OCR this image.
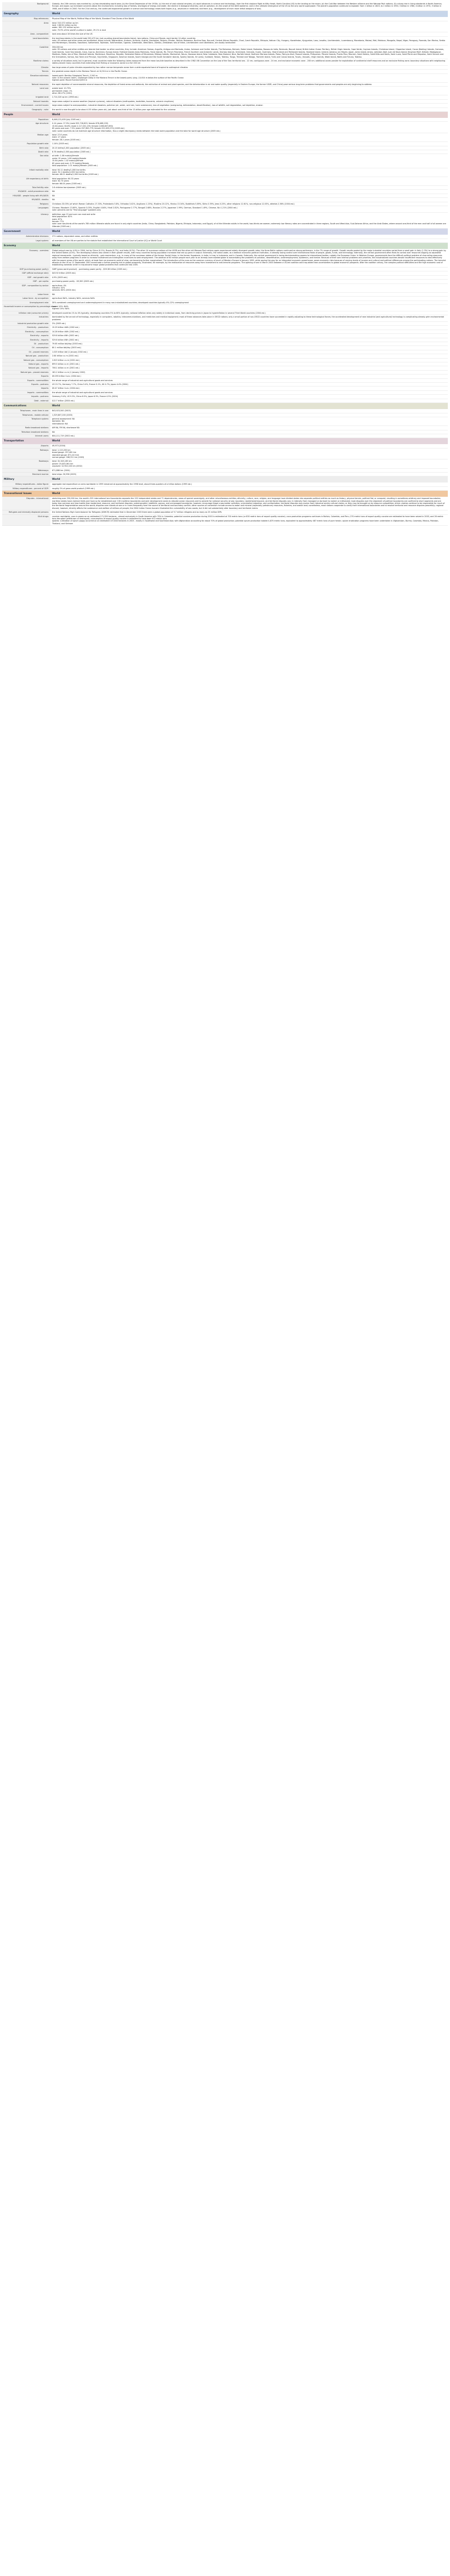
Background:	Globally, the 20th century was marked by: (a) two devastating world wars; (b) the Great Depression of the 1930s; (c) the end of vast colonial empires; (d) rapid advances in science and technology, from the first airplane flight at Kitty Hawk, North Carolina (US) to the landing on the moon; (e) the Cold War between the Western alliance and the Warsaw Pact nations; (f) a sharp rise in living standards in North America, Europe, and Japan; (g) increased concerns about the environment, including loss of forests, shortages of energy and water, the decline in biological diversity, and air pollution; (h) the onset of the AIDS epidemic; and (i) the ultimate emergence of the US as the only world superpower. The planet's population continues to explode: from 1 billion in 1820, to 2 billion in 1930, 3 billion in 1960, 4 billion in 1974, 5 billion in 1988, and 6 billion in 2000. For the 21st century, the continued exponential growth in science and technology raises both hopes (e.g., advances in medicine) and fears (e.g., development of even more lethal weapons of war).
Geography	World
Map references:	Physical Map of the World, Political Map of the World, Standard Time Zones of the World
Area:	total: 510.072 million sq km
land: 148.94 million sq km
water: 361.132 million sq km
note: 70.9% of the world's surface is water, 29.1% is land
Area - comparative:	land area about 16 times the size of the US
Land boundaries:	the land boundaries in the world total 250,472 km (not counting shared boundaries twice); two nations, China and Russia, each border 14 other countries
note: 43 nations and other areas are landlocked, these include: Afghanistan, Andorra, Armenia, Austria, Azerbaijan, Belarus, Bhutan, Bolivia, Botswana, Burkina Faso, Burundi, Central African Republic, Chad, Czech Republic, Ethiopia, Vatican City, Hungary, Kazakhstan, Kyrgyzstan, Laos, Lesotho, Liechtenstein, Luxembourg, Macedonia, Malawi, Mali, Moldova, Mongolia, Nepal, Niger, Paraguay, Rwanda, San Marino, Serbia and Montenegro, Slovakia, Swaziland, Switzerland, Tajikistan, Turkmenistan, Uganda, Uzbekistan, West Bank, Zambia, Zimbabwe; two of these, Liechtenstein and Uzbekistan, are doubly landlocked
Coastline:	356,000 km
note: 95 nations and other entities are islands that border no other countries, they include: American Samoa, Anguilla, Antigua and Barbuda, Aruba, Ashmore and Cartier Islands, The Bahamas, Bahrain, Baker Island, Barbados, Bassas da India, Bermuda, Bouvet Island, British Indian Ocean Territory, British Virgin Islands, Cape Verde, Cayman Islands, Christmas Island, Clipperton Island, Cocos (Keeling) Islands, Comoros, Cook Islands, Coral Sea Islands, Cuba, Cyprus, Dominica, Europa Island, Falkland Islands (Islas Malvinas), Faroe Islands, Fiji, French Polynesia, French Southern and Antarctic Lands, Glorioso Islands, Greenland, Grenada, Guam, Guernsey, Heard Island and McDonald Islands, Howland Island, Iceland, Jamaica, Jan Mayen, Japan, Jarvis Island, Jersey, Johnston Atoll, Juan de Nova Island, Kingman Reef, Kiribati, Madagascar, Maldives, Malta, Isle of Man, Marshall Islands, Martinique, Mauritius, Mayotte, Federated States of Micronesia, Midway Islands, Montserrat, Nauru, Navassa Island, New Caledonia, New Zealand, Niue, Norfolk Island, Northern Mariana Islands, Palau, Palmyra Atoll, Paracel Islands, Philippines, Pitcairn Islands, Puerto Rico, Reunion, Saint Helena, Saint Kitts and Nevis, Saint Lucia, Saint Pierre and Miquelon, Saint Vincent and the Grenadines, Samoa, Sao Tome and Principe, Seychelles, Singapore, Solomon Islands, South Georgia and the South Sandwich Islands, Spratly Islands, Sri Lanka, Svalbard, Taiwan, Tokelau, Tonga, Trinidad and Tobago, Tromelin Island, Turks and Caicos Islands, Tuvalu, Vanuatu, Virgin Islands, Wake Island, Wallis and Futuna, Tokelau
Maritime claims:	a variety of situations exist, but in general, most countries make the following claims measured from the mean low-tide baseline as described in the 1982 UN Convention on the Law of the Sea: territorial sea - 12 nm, contiguous zone - 24 nm, and exclusive economic zone - 200 nm; additional zones provide for exploitation of continental shelf resources and an exclusive fishing zone; boundary situations with neighboring states prevent many countries from extending their fishing or economic zones to a full 200 nm
Climate:	two large areas of polar climates separated by two rather narrow temperate zones form a wide equatorial band of tropical to subtropical climates
Terrain:	the greatest ocean depth is the Mariana Trench at 10,924 m in the Pacific Ocean
Elevation extremes:	lowest point: Bentley Subglacial Trench -2,540 m
note: in the oceanic realm, Challenger Deep in the Mariana Trench is the lowest point, lying -10,924 m below the surface of the Pacific Ocean
highest point: Mount Everest 8,850 m
Natural resources:	the rapid depletion of nonrenewable mineral resources, the depletion of forest areas and wetlands, the extinction of animal and plant species, and the deterioration in air and water quality (especially in Eastern Europe, the former USSR, and China) pose serious long-term problems that governments and peoples are only beginning to address
Land use:	arable land: 10.73%
permanent crops: 1%
other: 88.27% (2001)
Irrigated land:	2,714,320 sq km (1998 est.)
Natural hazards:	large areas subject to severe weather (tropical cyclones), natural disasters (earthquakes, landslides, tsunamis, volcanic eruptions)
Environment - current issues:	large areas subject to overpopulation, industrial disasters, pollution (air, water, acid rain, toxic substances), loss of vegetation (overgrazing, deforestation, desertification), loss of wildlife, soil degradation, soil depletion, erosion
Geography - note:	the world is now thought to be about 4.55 billion years old, just about one-third of the 13-billion-year age estimated for the universe
People	World
Population:	6,446,131,400 (July 2005 est.)
Age structure:	0-14 years: 27.9% (male 925,726,623; female 876,468,159)
15-64 years: 64.8% (male 2,117,201,155; female 2,066,837,690)
65 years and over: 7.3% (male 207,963,779; female 251,633,270) (2005 est.)
note: some countries do not maintain age structure information, thus a slight discrepancy exists between the total world population and the total for world age structure (2005 est.)
Median age:	total: 27.6 years
male: 27 years
female: 28.2 years (2005 est.)
Population growth rate:	1.14% (2005 est.)
Birth rate:	20.15 births/1,000 population (2005 est.)
Death rate:	8.78 deaths/1,000 population (2005 est.)
Sex ratio:	at birth: 1.06 male(s)/female
under 15 years: 1.06 male(s)/female
15-64 years: 1.02 male(s)/female
65 years and over: 0.79 male(s)/female
total population: 1.01 male(s)/female (2005 est.)
Infant mortality rate:	total: 50.11 deaths/1,000 live births
male: 52.1 deaths/1,000 live births
female: 48.01 deaths/1,000 live births (2005 est.)
Life expectancy at birth:	total population: 64.33 years
male: 62.73 years
female: 66.04 years (2005 est.)
Total fertility rate:	2.6 children born/woman (2005 est.)
HIV/AIDS - adult prevalence rate:	NA
HIV/AIDS - people living with HIV/AIDS:	NA
HIV/AIDS - deaths:	NA
Religions:	Christians 33.03% (of which Roman Catholics 17.33%, Protestants 5.8%, Orthodox 3.42%, Anglicans 1.23%), Muslims 20.12%, Hindus 13.34%, Buddhists 5.89%, Sikhs 0.39%, Jews 0.23%, other religions 12.61%, non-religious 12.03%, atheists 2.36% (2004 est.)
Languages:	Chinese, Mandarin 13.69%, Spanish 5.05%, English 4.84%, Hindi 2.82%, Portuguese 2.77%, Bengali 2.68%, Russian 2.27%, Japanese 1.99%, German, Standard 1.49%, Chinese, Wu 1.21% (2004 est.)
note: percents are for "first language" speakers only
Literacy:	definition: age 15 and over can read and write
total population: 82%
male: 87%
female: 77%
note: over two-thirds of the world's 785 million illiterate adults are found in only eight countries (India, China, Bangladesh, Pakistan, Nigeria, Ethiopia, Indonesia, and Egypt); of all the illiterate adults in the world, two-thirds are women; extremely low literacy rates are concentrated in three regions, South and West Asia, Sub-Saharan Africa, and the Arab States, where around one-third of the men and half of all women are illiterate (2005 est.)
Government	World
Administrative divisions:	271 nations, dependent areas, and other entities
Legal system:	all members of the UN are parties to the statute that established the International Court of Justice (ICJ) or World Court
Economy	World
Economy - overview:	Global output rose by 4.9% in 2004, led by China (9.1%), Russia (6.7%), and India (6.2%). The other 14 successor nations of the USSR and the other old Warsaw Pact nations again experienced widely divergent growth rates; the three Baltic nations continued as strong performers, in the 7% range of growth. Growth results posted by the major industrial countries varied from a small gain in Italy (1.3%) to a strong gain by the United States (4.4%). The developing nations also varied in their growth results, with many countries facing population increases that eat up gains in output. Externally, the nation-state, as a bedrock economic-political institution, is steadily losing control over international flows of people, goods, funds, and technology. Internally, the central government often finds its control over resources slipping as separatist regional movements - typically based on ethnicity - gain momentum, e.g., in many of the successor states of the former Soviet Union, in the former Yugoslavia, in India, in Iraq, in Indonesia, and in Canada. Externally, the central government is losing decisionmaking powers to international bodies, notably the European Union. In Western Europe, governments face the difficult political problem of channeling resources away from welfare programs in order to increase investment and strengthen incentives to seek employment. The addition of 80 million people each year to an already overcrowded globe is exacerbating the problems of pollution, desertification, underemployment, epidemics, and famine. Because of their own internal problems and priorities, the industrialized countries devote insufficient resources to deal effectively with the poorer areas of the world, which, at least from an economic point of view, are becoming further marginalized. The introduction of the euro as the common currency of much of Western Europe in January 1999, while paving the way for an integrated economic powerhouse, poses economic risks because of varying levels of income and cultural and political differences among the participating nations. The terrorist attacks on the US on 11 September 2001 accentuate a further growing risk to global prosperity, illustrated, for example, by the reallocation of resources away from investment to anti-terrorist programs. The opening of war in March 2003 between a US-led coalition and Iraq added new uncertainties to global economic prospects. After the coalition victory, the complex political difficulties and the high economic cost of establishing domestic order in Iraq became major global problems that continued into 2005.
GDP (purchasing power parity):	GWP (gross world product) - purchasing power parity - $59.38 trillion (2005 est.)
GDP (official exchange rate):	$43.92 trillion (2005 est.)
GDP - real growth rate:	4.9% (2005 est.)
GDP - per capita:	purchasing power parity - $9,300 (2005 est.)
GDP - composition by sector:	agriculture: 4%
industry: 32%
services: 64% (2004 est.)
Labor force:	NA
Labor force - by occupation:	agriculture NA%, industry NA%, services NA%
Unemployment rate:	30% combined unemployment and underemployment in many non-industrialized countries; developed countries typically 4%-12% unemployment
Household income or consumption by percentage share:	lowest 10%: NA%
highest 10%: NA%
Inflation rate (consumer prices):	developed countries 1% to 4% typically; developing countries 5% to 60% typically; national inflation rates vary widely in individual cases, from declining prices in Japan to hyperinflation in several Third World countries (2004 est.)
Industries:	dominated by the onrush of technology, especially in computers, robotics, telecommunications, and medicines and medical equipment; most of these advances take place in OECD nations; only a small portion of non-OECD countries have succeeded in rapidly adjusting to these technological forces; the accelerated development of new industrial (and agricultural) technology is complicating already grim environmental problems
Industrial production growth rate:	3% (2005 est.)
Electricity - production:	15.29 trillion kWh (2002 est.)
Electricity - consumption:	14.28 trillion kWh (2002 est.)
Electricity - exports:	529.8 billion kWh (2002 est.)
Electricity - imports:	529.8 billion kWh (2002 est.)
Oil - production:	79.65 million bbl/day (2003 est.)
Oil - consumption:	80.1 million bbl/day (2003 est.)
Oil - proved reserves:	1.025 trillion bbl (1 January 2002 est.)
Natural gas - production:	2.64 trillion cu m (2001 est.)
Natural gas - consumption:	2.619 trillion cu m (2001 est.)
Natural gas - exports:	699.5 billion cu m (2001 est.)
Natural gas - imports:	706.1 billion cu m (2001 est.)
Natural gas - proved reserves:	161.2 trillion cu m (1 January 2002)
Exports:	$9.095 trillion f.o.b. (2004 est.)
Exports - commodities:	the whole range of industrial and agricultural goods and services
Exports - partners:	US 15.7%, Germany 7.7%, China 5.4%, France 5.1%, UK 4.7%, Japan 4.4% (2004)
Imports:	$9.47 trillion f.o.b. (2004 est.)
Imports - commodities:	the whole range of industrial and agricultural goods and services
Imports - partners:	Germany 9.4%, US 9.3%, China 6.5%, Japan 6.3%, France 4.5% (2004)
Debt - external:	$12.7 trillion (2004 est.)
Communications	World
Telephones - main lines in use:	843,923,500 (2003)
Telephones - mobile cellular:	1,329,807,200 (2003)
Telephone system:	general assessment: NA
domestic: NA
international: NA
Radio broadcast stations:	AM NA, FM NA, shortwave NA
Television broadcast stations:	NA
Internet users:	604,111,719 (2002 est.)
Transportation	World
Airports:	49,973 (2004)
Railways:	total: 1,115,205 km
broad gauge: 257,481 km
standard gauge: 671,413 km
narrow gauge: 186,311 km (2003)
Roadways:	total: 32,345,165 km
paved: 19,403,061 km
unpaved: 12,942,104 km (2002)
Waterways:	671,886 km (2004)
Merchant marine:	total ships: 30,936 (2005)
Military	World
Military expenditures - dollar figure:	aggregate real expenditure on arms worldwide in 1999 remained at approximately the 1998 level, about three-quarters of a trillion dollars (1999 est.)
Military expenditures - percent of GDP:	roughly 2% of gross world product (1999 est.)
Transnational Issues	World
Disputes - international:	stretching over 250,000 km, the world's 325 international land boundaries separate the 192 independent states and 71 dependencies, areas of special sovereignty, and other miscellaneous entities; ethnicity, culture, race, religion, and language have divided states into separate political entities as much as history, physical terrain, political fiat, or conquest, resulting in sometimes arbitrary and imposed boundaries; maritime states have claimed limits and have so far established over 130 maritime boundaries and joint development zones to allocate ocean resources and to provide for national security at sea; boundary, borderland/resource, and territorial disputes vary in intensity from managed or dormant to violent or militarized; most disputes over the alignment of political boundaries are confined to short segments and are today less common and less hostile than borderland, resource, and territorial disputes; undemarcated, indefinite, porous, and unmanaged boundaries, however, encourage illegal cross-border activities, uncontrolled migration, and confrontation; territorial disputes may evolve from historical and/or cultural claims, or they may be brought on by resource competition; ethnic clashes continue to be responsible for much of the territorial fragmentation around the world; disputes over islands at sea or in rivers frequently form the source of territorial and boundary conflict; other sources of contention include access to water and mineral (especially petroleum) resources, fisheries, and arable land; nonetheless, most nations cooperate to clarify their international boundaries and to resolve territorial and resource disputes peacefully; regional discord, however, directly affects the sustenance and welfare of millions of people; the 2004 Indian Ocean tsunami illustrated the vulnerability of sea coasts, but it did not substantially alter boundary and territorial claims
Refugees and internally displaced persons:	the United Nations High Commissioner for Refugees (UNHCR) estimated that in December 2003 there were a global population of 9.7 million refugees and as many as 25 million IDPs
Illicit drugs:	cocaine: worldwide, coca is grown on an estimated 171,950 hectares - almost exclusively in South America with 70% in Colombia; potential cocaine production during 2003 is estimated at 700 metric tons (or 830 metric tons of export quality cocaine); coca production programs continues in Bolivia, Colombia, and Peru; 270 metric tons of export quality cocaine are estimated to have been seized in 2003, and 26 metric tons disrupted (withdrawn or destroyed); consumption of export quality cocaine is estimated to have been 672 metric tons
opiates: cultivation of opium poppy occurred on an estimated 137,844 hectares in 2003 - mostly in Southwest and Southeast Asia; with Afghanistan accounting for about 70% of global production; potential opium production totaled 4,870 metric tons, equivalent to approximately 487 metric tons of pure heroin; opium eradication programs have been undertaken in Afghanistan, Burma, Colombia, Mexico, Pakistan, Thailand, and Vietnam
